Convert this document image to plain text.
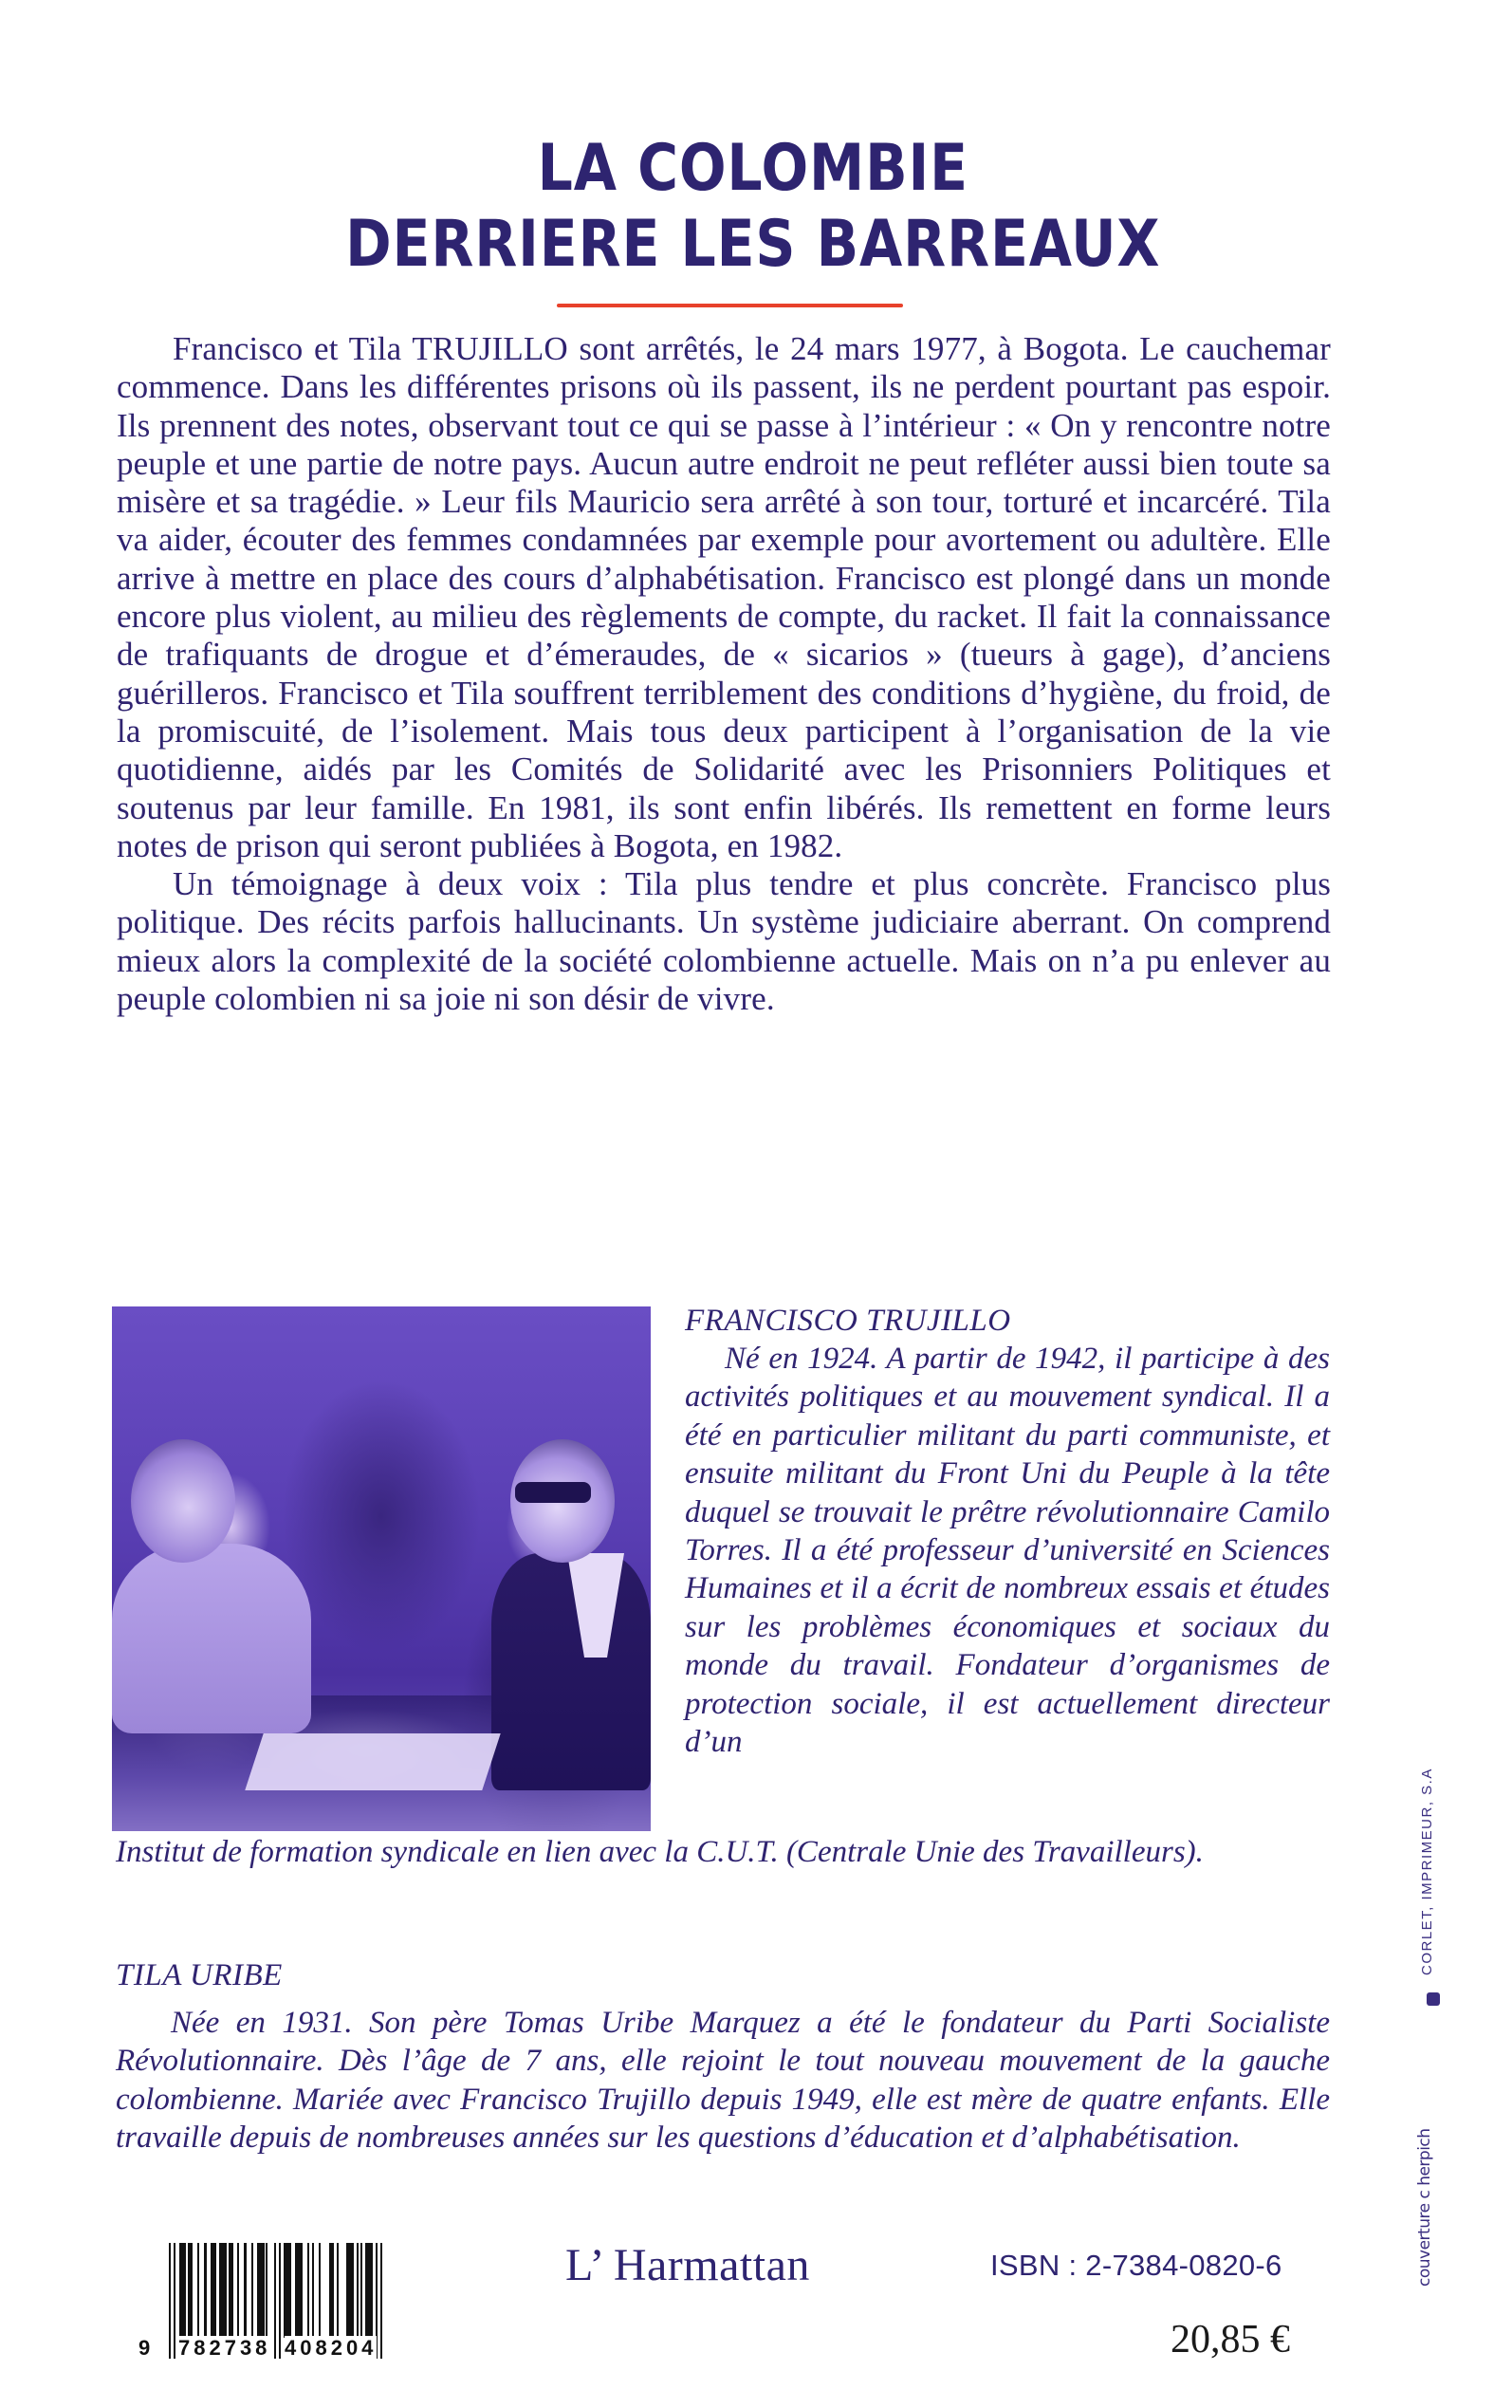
LA COLOMBIE
DERRIERE LES BARREAUX

Francisco et Tila TRUJILLO sont arrêtés, le 24 mars 1977, à Bogota. Le cauchemar commence. Dans les différentes prisons où ils passent, ils ne perdent pourtant pas espoir. Ils prennent des notes, observant tout ce qui se passe à l’intérieur : « On y rencontre notre peuple et une partie de notre pays. Aucun autre endroit ne peut refléter aussi bien toute sa misère et sa tragédie. » Leur fils Mauricio sera arrêté à son tour, torturé et incarcéré. Tila va aider, écouter des femmes condamnées par exemple pour avortement ou adultère. Elle arrive à mettre en place des cours d’alphabétisation. Francisco est plongé dans un monde encore plus violent, au milieu des règlements de compte, du racket. Il fait la connaissance de trafiquants de drogue et d’émeraudes, de « sicarios » (tueurs à gage), d’anciens guérilleros. Francisco et Tila souffrent terriblement des conditions d’hygiène, du froid, de la promiscuité, de l’isolement. Mais tous deux participent à l’organisation de la vie quotidienne, aidés par les Comités de Solidarité avec les Prisonniers Politiques et soutenus par leur famille. En 1981, ils sont enfin libérés. Ils remettent en forme leurs notes de prison qui seront publiées à Bogota, en 1982.

Un témoignage à deux voix : Tila plus tendre et plus concrète. Francisco plus politique. Des récits parfois hallucinants. Un système judiciaire aberrant. On comprend mieux alors la complexité de la société colombienne actuelle. Mais on n’a pu enlever au peuple colombien ni sa joie ni son désir de vivre.

FRANCISCO TRUJILLO
Né en 1924. A partir de 1942, il participe à des activités politiques et au mouvement syndical. Il a été en particulier militant du parti communiste, et ensuite militant du Front Uni du Peuple à la tête duquel se trouvait le prêtre révolutionnaire Camilo Torres. Il a été professeur d’université en Sciences Humaines et il a écrit de nombreux essais et études sur les problèmes économiques et sociaux du monde du travail. Fondateur d’organismes de protection sociale, il est actuellement directeur d’un
Institut de formation syndicale en lien avec la C.U.T. (Centrale Unie des Travailleurs).
TILA URIBE
Née en 1931. Son père Tomas Uribe Marquez a été le fondateur du Parti Socialiste Révolutionnaire. Dès l’âge de 7 ans, elle rejoint le tout nouveau mouvement de la gauche colombienne. Mariée avec Francisco Trujillo depuis 1949, elle est mère de quatre enfants. Elle travaille depuis de nombreuses années sur les questions d’éducation et d’alphabétisation.
9 782738 408204
L’ Harmattan	ISBN : 2-7384-0820-6
20,85 €
CORLET, IMPRIMEUR, S.A
couverture c herpich
